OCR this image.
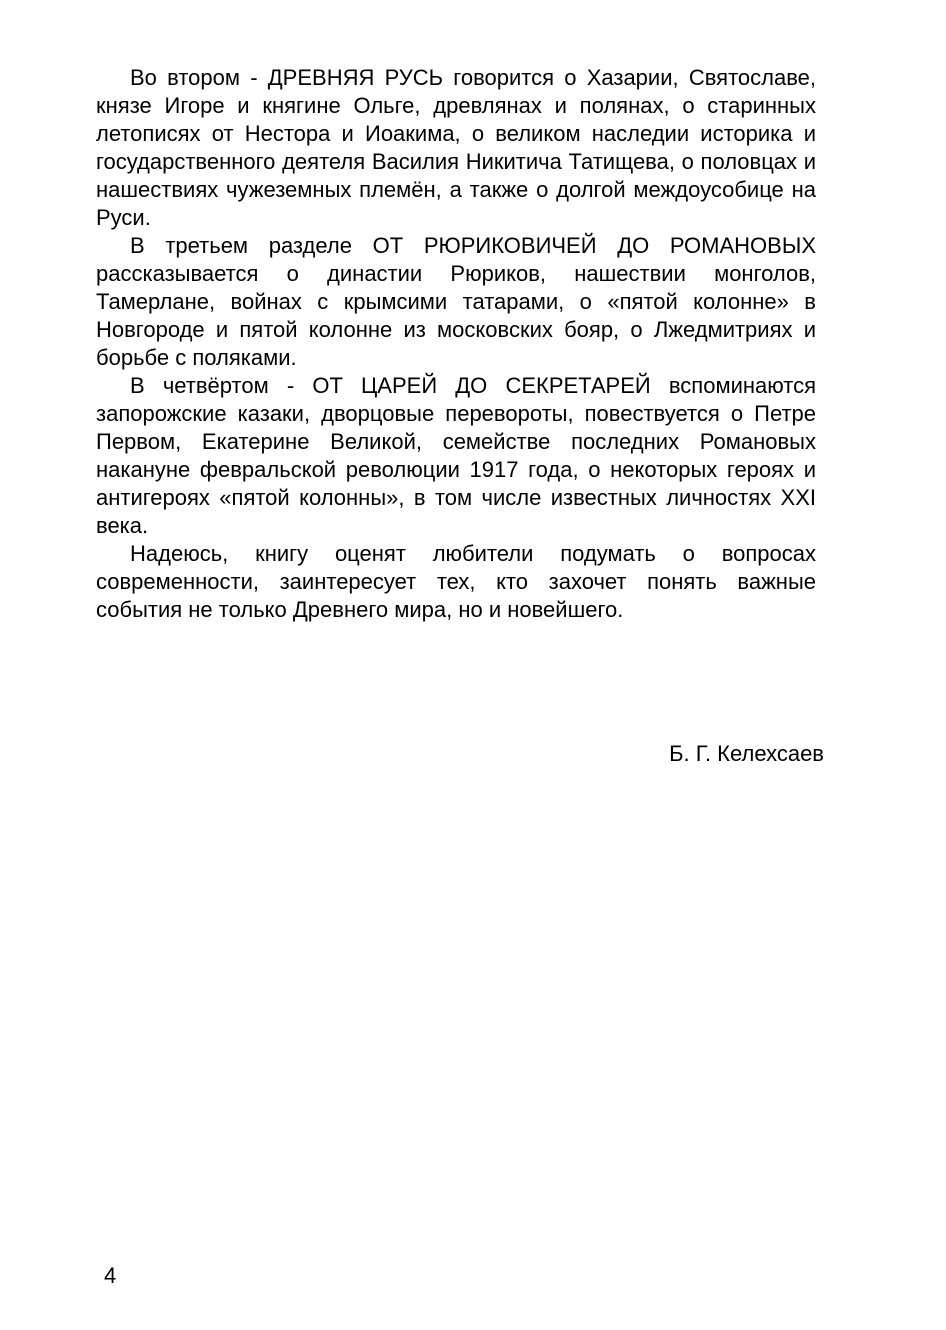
Во втором - ДРЕВНЯЯ РУСЬ говорится о Хазарии, Святославе, князе Игоре и княгине Ольге, древлянах и полянах, о старинных летописях от Нестора и Иоакима, о великом наследии историка и государственного деятеля Василия Никитича Татищева, о половцах и нашествиях чужеземных племён, а также о долгой междоусобице на Руси.

В третьем разделе ОТ РЮРИКОВИЧЕЙ ДО РОМАНОВЫХ рассказывается о династии Рюриков, нашествии монголов, Тамерлане, войнах с крымсими татарами, о «пятой колонне» в Новгороде и пятой колонне из московских бояр, о Лжедмитриях и борьбе с поляками.

В четвёртом - ОТ ЦАРЕЙ ДО СЕКРЕТАРЕЙ вспоминаются запорожские казаки, дворцовые перевороты, повествуется о Петре Первом, Екатерине Великой, семействе последних Романовых накануне февральской революции 1917 года, о некоторых героях и антигероях «пятой колонны», в том числе известных личностях XXI века.

Надеюсь, книгу оценят любители подумать о вопросах современности, заинтересует тех, кто захочет понять важные события не только Древнего мира, но и новейшего.

Б. Г. Келехсаев
4
